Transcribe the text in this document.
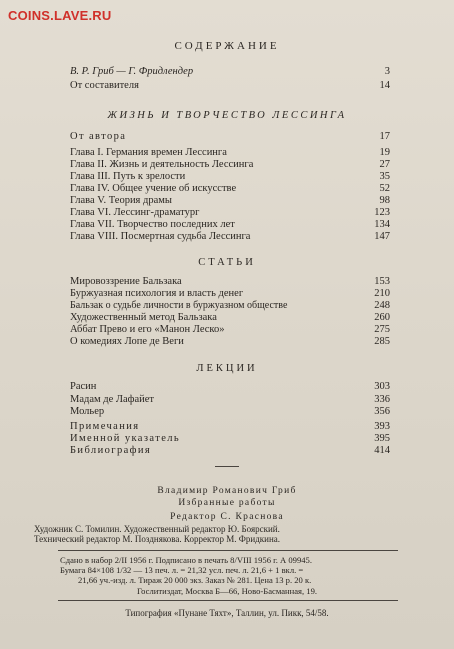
COINS.LAVE.RU
СОДЕРЖАНИЕ
В. Р. Гриб — Г. Фридлендер	3
От составителя	14
ЖИЗНЬ И ТВОРЧЕСТВО ЛЕССИНГА
От автора	17
Глава I. Германия времен Лессинга	19
Глава II. Жизнь и деятельность Лессинга	27
Глава III. Путь к зрелости	35
Глава IV. Общее учение об искусстве	52
Глава V. Теория драмы	98
Глава VI. Лессинг-драматург	123
Глава VII. Творчество последних лет	134
Глава VIII. Посмертная судьба Лессинга	147
СТАТЬИ
Мировоззрение Бальзака	153
Буржуазная психология и власть денег	210
Бальзак о судьбе личности в буржуазном обществе	248
Художественный метод Бальзака	260
Аббат Прево и его «Манон Леско»	275
О комедиях Лопе де Веги	285
ЛЕКЦИИ
Расин	303
Мадам де Лафайет	336
Мольер	356
Примечания	393
Именной указатель	395
Библиография	414
Владимир Романович Гриб
Избранные работы
Редактор С. Краснова
Художник С. Томилин. Художественный редактор Ю. Боярский.
Технический редактор М. Позднякова. Корректор М. Фридкина.
Сдано в набор 2/II 1956 г. Подписано в печать 8/VIII 1956 г. А 09945.
Бумага 84×108 1/32 — 13 печ. л. = 21,32 усл. печ. л. 21,6 + 1 вкл. =
21,66 уч.-изд. л. Тираж 20 000 экз. Заказ № 281. Цена 13 р. 20 к.
Гослитиздат, Москва Б—66, Ново-Басманная, 19.
Типография «Пунане Тяхт», Таллин, ул. Пикк, 54/58.
